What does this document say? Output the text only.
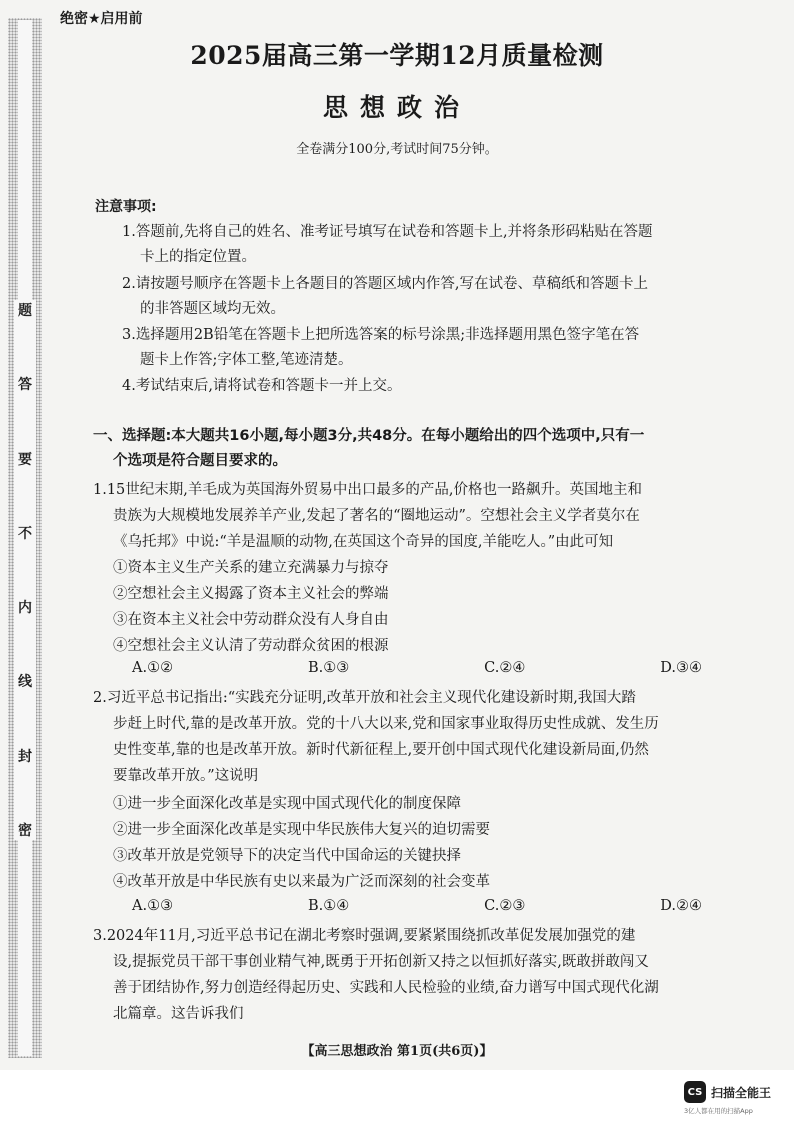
题
答
要
不
内
线
封
密
绝密★启用前
2025届高三第一学期12月质量检测
思想政治
全卷满分100分,考试时间75分钟。
注意事项:
1.答题前,先将自己的姓名、准考证号填写在试卷和答题卡上,并将条形码粘贴在答题
卡上的指定位置。
2.请按题号顺序在答题卡上各题目的答题区域内作答,写在试卷、草稿纸和答题卡上
的非答题区域均无效。
3.选择题用2B铅笔在答题卡上把所选答案的标号涂黑;非选择题用黑色签字笔在答
题卡上作答;字体工整,笔迹清楚。
4.考试结束后,请将试卷和答题卡一并上交。
一、选择题:本大题共16小题,每小题3分,共48分。在每小题给出的四个选项中,只有一
个选项是符合题目要求的。
1.15世纪末期,羊毛成为英国海外贸易中出口最多的产品,价格也一路飙升。英国地主和
贵族为大规模地发展养羊产业,发起了著名的“圈地运动”。空想社会主义学者莫尔在
《乌托邦》中说:“羊是温顺的动物,在英国这个奇异的国度,羊能吃人。”由此可知
①资本主义生产关系的建立充满暴力与掠夺
②空想社会主义揭露了资本主义社会的弊端
③在资本主义社会中劳动群众没有人身自由
④空想社会主义认清了劳动群众贫困的根源
A.①②	B.①③	C.②④	D.③④
2.习近平总书记指出:“实践充分证明,改革开放和社会主义现代化建设新时期,我国大踏
步赶上时代,靠的是改革开放。党的十八大以来,党和国家事业取得历史性成就、发生历
史性变革,靠的也是改革开放。新时代新征程上,要开创中国式现代化建设新局面,仍然
要靠改革开放。”这说明
①进一步全面深化改革是实现中国式现代化的制度保障
②进一步全面深化改革是实现中华民族伟大复兴的迫切需要
③改革开放是党领导下的决定当代中国命运的关键抉择
④改革开放是中华民族有史以来最为广泛而深刻的社会变革
A.①③	B.①④	C.②③	D.②④
3.2024年11月,习近平总书记在湖北考察时强调,要紧紧围绕抓改革促发展加强党的建
设,提振党员干部干事创业精气神,既勇于开拓创新又持之以恒抓好落实,既敢拼敢闯又
善于团结协作,努力创造经得起历史、实践和人民检验的业绩,奋力谱写中国式现代化湖
北篇章。这告诉我们
【高三思想政治 第1页(共6页)】
CS 扫描全能王
3亿人都在用的扫描App
